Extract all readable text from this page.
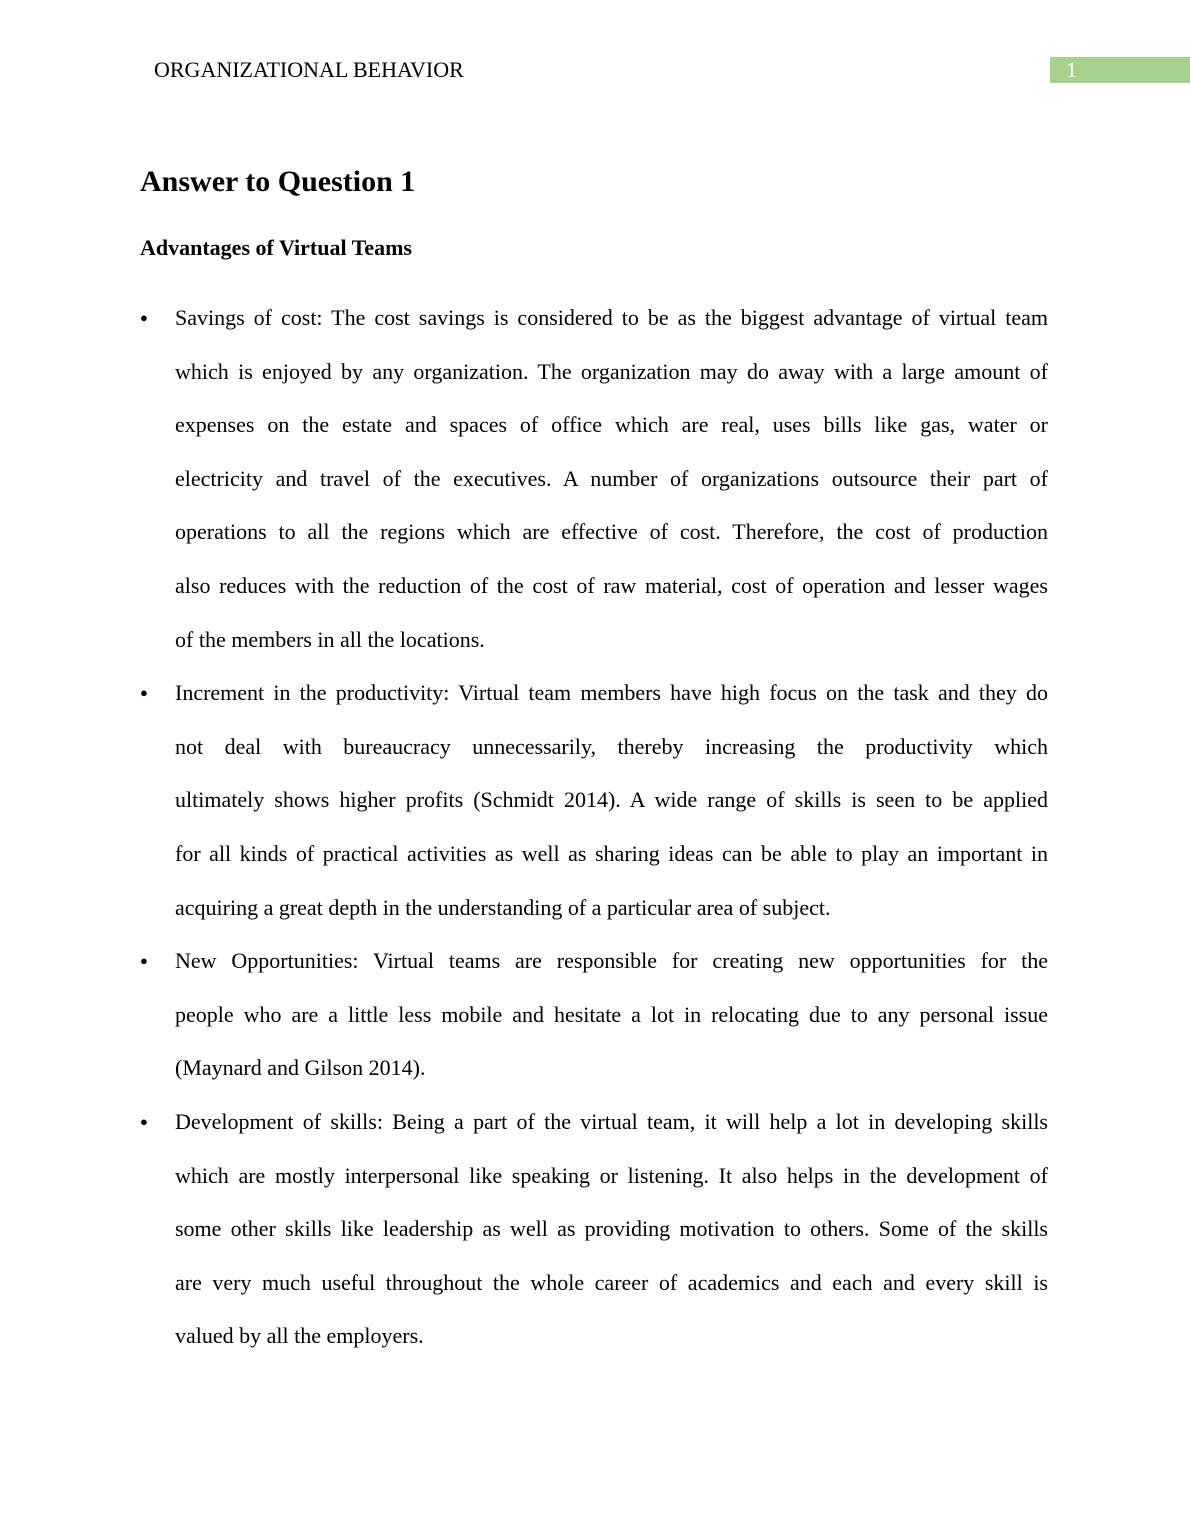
ORGANIZATIONAL BEHAVIOR	1
Answer to Question 1
Advantages of Virtual Teams
● Savings of cost: The cost savings is considered to be as the biggest advantage of virtual team
which is enjoyed by any organization. The organization may do away with a large amount of
expenses on the estate and spaces of office which are real, uses bills like gas, water or
electricity and travel of the executives. A number of organizations outsource their part of
operations to all the regions which are effective of cost. Therefore, the cost of production
also reduces with the reduction of the cost of raw material, cost of operation and lesser wages
of the members in all the locations.
● Increment in the productivity: Virtual team members have high focus on the task and they do
not deal with bureaucracy unnecessarily, thereby increasing the productivity which
ultimately shows higher profits (Schmidt 2014). A wide range of skills is seen to be applied
for all kinds of practical activities as well as sharing ideas can be able to play an important in
acquiring a great depth in the understanding of a particular area of subject.
● New Opportunities: Virtual teams are responsible for creating new opportunities for the
people who are a little less mobile and hesitate a lot in relocating due to any personal issue
(Maynard and Gilson 2014).
● Development of skills: Being a part of the virtual team, it will help a lot in developing skills
which are mostly interpersonal like speaking or listening. It also helps in the development of
some other skills like leadership as well as providing motivation to others. Some of the skills
are very much useful throughout the whole career of academics and each and every skill is
valued by all the employers.
